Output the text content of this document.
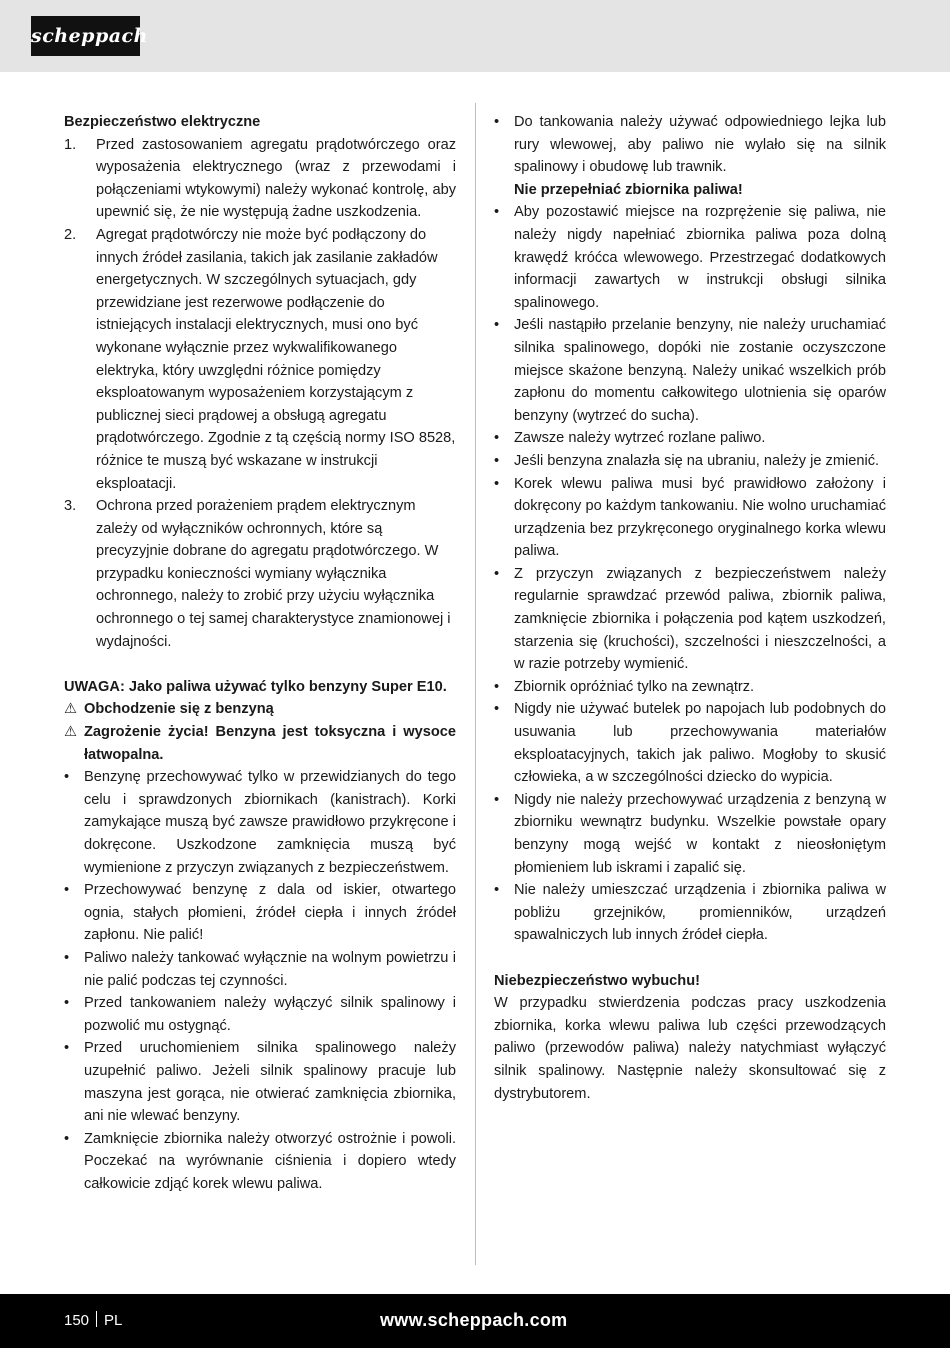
scheppach
Bezpieczeństwo elektryczne
1. Przed zastosowaniem agregatu prądotwórczego oraz wyposażenia elektrycznego (wraz z przewodami i połączeniami wtykowymi) należy wykonać kontrolę, aby upewnić się, że nie występują żadne uszkodzenia.
2. Agregat prądotwórczy nie może być podłączony do innych źródeł zasilania, takich jak zasilanie zakładów energetycznych. W szczególnych sytuacjach, gdy przewidziane jest rezerwowe podłączenie do istniejących instalacji elektrycznych, musi ono być wykonane wyłącznie przez wykwalifikowanego elektryka, który uwzględni różnice pomiędzy eksploatowanym wyposażeniem korzystającym z publicznej sieci prądowej a obsługą agregatu prądotwórczego. Zgodnie z tą częścią normy ISO 8528, różnice te muszą być wskazane w instrukcji eksploatacji.
3. Ochrona przed porażeniem prądem elektrycznym zależy od wyłączników ochronnych, które są precyzyjnie dobrane do agregatu prądotwórczego. W przypadku konieczności wymiany wyłącznika ochronnego, należy to zrobić przy użyciu wyłącznika ochronnego o tej samej charakterystyce znamionowej i wydajności.
UWAGA: Jako paliwa używać tylko benzyny Super E10.
⚠ Obchodzenie się z benzyną
⚠ Zagrożenie życia! Benzyna jest toksyczna i wysoce łatwopalna.
• Benzynę przechowywać tylko w przewidzianych do tego celu i sprawdzonych zbiornikach (kanistrach). Korki zamykające muszą być zawsze prawidłowo przykręcone i dokręcone. Uszkodzone zamknięcia muszą być wymienione z przyczyn związanych z bezpieczeństwem.
• Przechowywać benzynę z dala od iskier, otwartego ognia, stałych płomieni, źródeł ciepła i innych źródeł zapłonu. Nie palić!
• Paliwo należy tankować wyłącznie na wolnym powietrzu i nie palić podczas tej czynności.
• Przed tankowaniem należy wyłączyć silnik spalinowy i pozwolić mu ostygnąć.
• Przed uruchomieniem silnika spalinowego należy uzupełnić paliwo. Jeżeli silnik spalinowy pracuje lub maszyna jest gorąca, nie otwierać zamknięcia zbiornika, ani nie wlewać benzyny.
• Zamknięcie zbiornika należy otworzyć ostrożnie i powoli. Poczekać na wyrównanie ciśnienia i dopiero wtedy całkowicie zdjąć korek wlewu paliwa.
• Do tankowania należy używać odpowiedniego lejka lub rury wlewowej, aby paliwo nie wylało się na silnik spalinowy i obudowę lub trawnik.
Nie przepełniać zbiornika paliwa!
• Aby pozostawić miejsce na rozprężenie się paliwa, nie należy nigdy napełniać zbiornika paliwa poza dolną krawędź króćca wlewowego. Przestrzegać dodatkowych informacji zawartych w instrukcji obsługi silnika spalinowego.
• Jeśli nastąpiło przelanie benzyny, nie należy uruchamiać silnika spalinowego, dopóki nie zostanie oczyszczone miejsce skażone benzyną. Należy unikać wszelkich prób zapłonu do momentu całkowitego ulotnienia się oparów benzyny (wytrzeć do sucha).
• Zawsze należy wytrzeć rozlane paliwo.
• Jeśli benzyna znalazła się na ubraniu, należy je zmienić.
• Korek wlewu paliwa musi być prawidłowo założony i dokręcony po każdym tankowaniu. Nie wolno uruchamiać urządzenia bez przykręconego oryginalnego korka wlewu paliwa.
• Z przyczyn związanych z bezpieczeństwem należy regularnie sprawdzać przewód paliwa, zbiornik paliwa, zamknięcie zbiornika i połączenia pod kątem uszkodzeń, starzenia się (kruchości), szczelności i nieszczelności, a w razie potrzeby wymienić.
• Zbiornik opróżniać tylko na zewnątrz.
• Nigdy nie używać butelek po napojach lub podobnych do usuwania lub przechowywania materiałów eksploatacyjnych, takich jak paliwo. Mogłoby to skusić człowieka, a w szczególności dziecko do wypicia.
• Nigdy nie należy przechowywać urządzenia z benzyną w zbiorniku wewnątrz budynku. Wszelkie powstałe opary benzyny mogą wejść w kontakt z nieosłoniętym płomieniem lub iskrami i zapalić się.
• Nie należy umieszczać urządzenia i zbiornika paliwa w pobliżu grzejników, promienników, urządzeń spawalniczych lub innych źródeł ciepła.
Niebezpieczeństwo wybuchu!
W przypadku stwierdzenia podczas pracy uszkodzenia zbiornika, korka wlewu paliwa lub części przewodzących paliwo (przewodów paliwa) należy natychmiast wyłączyć silnik spalinowy. Następnie należy skonsultować się z dystrybutorem.
150 PL	www.scheppach.com
